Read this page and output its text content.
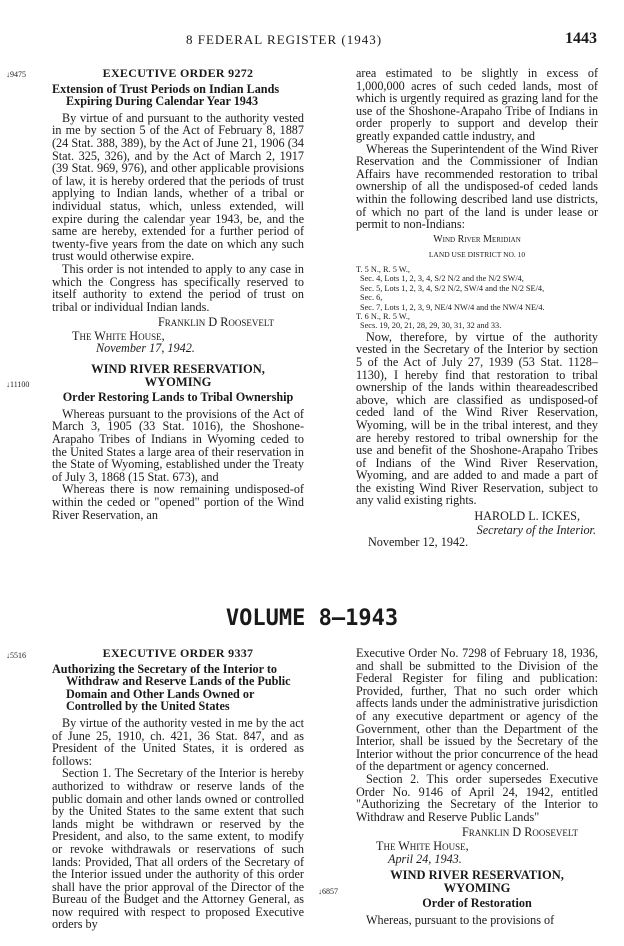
8 FEDERAL REGISTER (1943)	1443
↓9475	EXECUTIVE ORDER 9272
Extension of Trust Periods on Indian Lands Expiring During Calendar Year 1943

By virtue of and pursuant to the authority vested in me by section 5 of the Act of February 8, 1887 (24 Stat. 388, 389), by the Act of June 21, 1906 (34 Stat. 325, 326), and by the Act of March 2, 1917 (39 Stat. 969, 976), and other applicable provisions of law, it is hereby ordered that the periods of trust applying to Indian lands, whether of a tribal or individual status, which, unless extended, will expire during the calendar year 1943, be, and the same are hereby, extended for a further period of twenty-five years from the date on which any such trust would otherwise expire.

This order is not intended to apply to any case in which the Congress has specifically reserved to itself authority to extend the period of trust on tribal or individual Indian lands.

Franklin D Roosevelt
The White House,
November 17, 1942.
WIND RIVER RESERVATION,
WYOMING
Order Restoring Lands to Tribal Ownership

Whereas pursuant to the provisions of the Act of March 3, 1905 (33 Stat. 1016), the Shoshone-Arapaho Tribes of Indians in Wyoming ceded to the United States a large area of their reservation in the State of Wyoming, established under the Treaty of July 3, 1868 (15 Stat. 673), and

Whereas there is now remaining undisposed-of within the ceded or "opened" portion of the Wind River Reservation, an

↓11100

area estimated to be slightly in excess of 1,000,000 acres of such ceded lands, most of which is urgently required as grazing land for the use of the Shoshone-Arapaho Tribe of Indians in order properly to support and develop their greatly expanded cattle industry, and

Whereas the Superintendent of the Wind River Reservation and the Commissioner of Indian Affairs have recommended restoration to tribal ownership of all the undisposed-of ceded lands within the following described land use districts, of which no part of the land is under lease or permit to non-Indians:

Wind River Meridian
LAND USE DISTRICT NO. 10
T. 5 N., R. 5 W.,
Sec. 4, Lots 1, 2, 3, 4, S/2 N/2 and the N/2 SW/4,
Sec. 5, Lots 1, 2, 3, 4, S/2 N/2, SW/4 and the N/2 SE/4,
Sec. 6,
Sec. 7, Lots 1, 2, 3, 9, NE/4 NW/4 and the NW/4 NE/4.
T. 6 N., R. 5 W.,
Secs. 19, 20, 21, 28, 29, 30, 31, 32 and 33.

Now, therefore, by virtue of the authority vested in the Secretary of the Interior by section 5 of the Act of July 27, 1939 (53 Stat. 1128–1130), I hereby find that restoration to tribal ownership of the lands within theareadescribed above, which are classified as undisposed-of ceded land of the Wind River Reservation, Wyoming, will be in the tribal interest, and they are hereby restored to tribal ownership for the use and benefit of the Shoshone-Arapaho Tribes of Indians of the Wind River Reservation, Wyoming, and are added to and made a part of the existing Wind River Reservation, subject to any valid existing rights.

HAROLD L. ICKES,
Secretary of the Interior.
November 12, 1942.
VOLUME 8—1943
↓5516	EXECUTIVE ORDER 9337
Authorizing the Secretary of the Interior to Withdraw and Reserve Lands of the Public Domain and Other Lands Owned or Controlled by the United States

By virtue of the authority vested in me by the act of June 25, 1910, ch. 421, 36 Stat. 847, and as President of the United States, it is ordered as follows:

Section 1. The Secretary of the Interior is hereby authorized to withdraw or reserve lands of the public domain and other lands owned or controlled by the United States to the same extent that such lands might be withdrawn or reserved by the President, and also, to the same extent, to modify or revoke withdrawals or reservations of such lands: Provided, That all orders of the Secretary of the Interior issued under the authority of this order shall have the prior approval of the Director of the Bureau of the Budget and the Attorney General, as now required with respect to proposed Executive orders by

Executive Order No. 7298 of February 18, 1936, and shall be submitted to the Division of the Federal Register for filing and publication: Provided, further, That no such order which affects lands under the administrative jurisdiction of any executive department or agency of the Government, other than the Department of the Interior, shall be issued by the Secretary of the Interior without the prior concurrence of the head of the department or agency concerned.

Section 2. This order supersedes Executive Order No. 9146 of April 24, 1942, entitled "Authorizing the Secretary of the Interior to Withdraw and Reserve Public Lands"

Franklin D Roosevelt
The White House,
April 24, 1943.
WIND RIVER RESERVATION,
WYOMING
Order of Restoration

Whereas, pursuant to the provisions of

↓6857
